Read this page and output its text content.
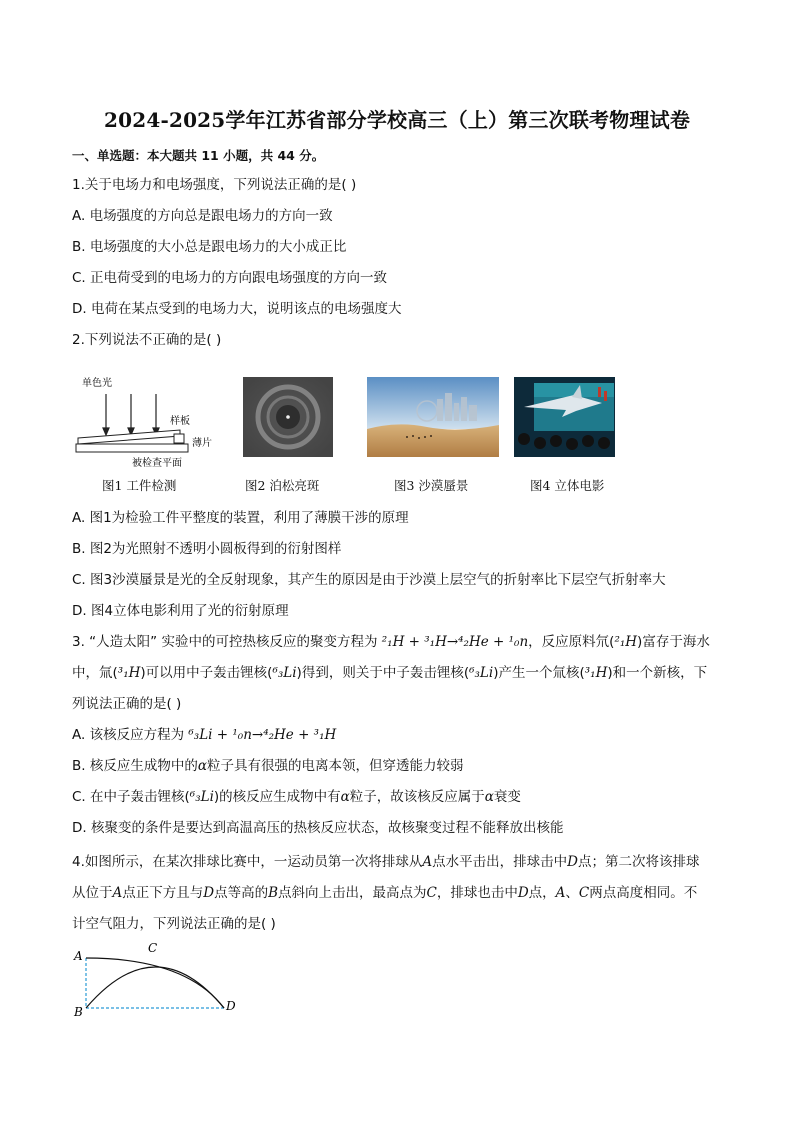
2024-2025学年江苏省部分学校高三（上）第三次联考物理试卷
一、单选题：本大题共 11 小题，共 44 分。
1.关于电场力和电场强度，下列说法正确的是( )
A. 电场强度的方向总是跟电场力的方向一致
B. 电场强度的大小总是跟电场力的大小成正比
C. 正电荷受到的电场力的方向跟电场强度的方向一致
D. 电荷在某点受到的电场力大，说明该点的电场强度大
2.下列说法不正确的是( )
单色光
样板
薄片
被检查平面
图1 工件检测	图2 泊松亮斑	图3 沙漠蜃景	图4 立体电影
A. 图1为检验工件平整度的装置，利用了薄膜干涉的原理
B. 图2为光照射不透明小圆板得到的衍射图样
C. 图3沙漠蜃景是光的全反射现象，其产生的原因是由于沙漠上层空气的折射率比下层空气折射率大
D. 图4立体电影利用了光的衍射原理
3. “人造太阳” 实验中的可控热核反应的聚变方程为 ²₁H + ³₁H→⁴₂He + ¹₀n，反应原料氘(²₁H)富存于海水
中，氚(³₁H)可以用中子轰击锂核(⁶₃Li)得到，则关于中子轰击锂核(⁶₃Li)产生一个氚核(³₁H)和一个新核，下
列说法正确的是( )
A. 该核反应方程为 ⁶₃Li + ¹₀n→⁴₂He + ³₁H
B. 核反应生成物中的α粒子具有很强的电离本领，但穿透能力较弱
C. 在中子轰击锂核(⁶₃Li)的核反应生成物中有α粒子，故该核反应属于α衰变
D. 核聚变的条件是要达到高温高压的热核反应状态，故核聚变过程不能释放出核能
4.如图所示，在某次排球比赛中，一运动员第一次将排球从A点水平击出，排球击中D点；第二次将该排球
从位于A点正下方且与D点等高的B点斜向上击出，最高点为C，排球也击中D点，A、C两点高度相同。不
计空气阻力，下列说法正确的是( )
A
B
C
D
